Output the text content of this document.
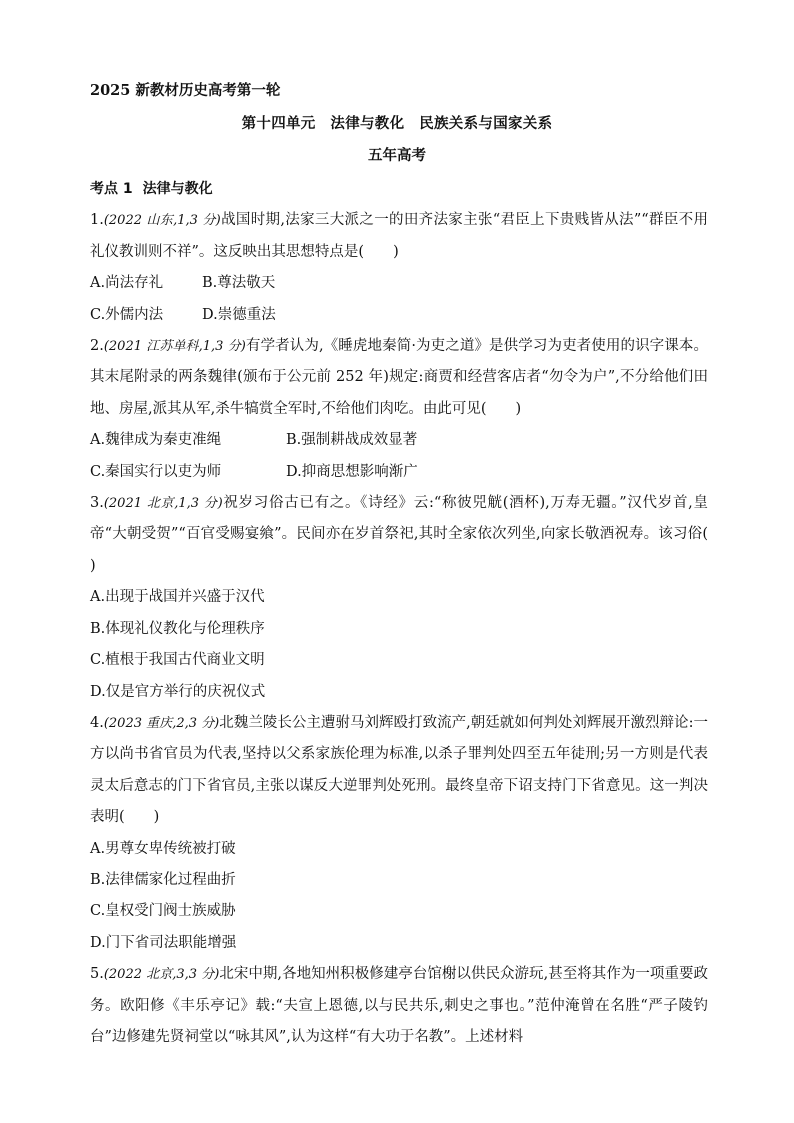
2025 新教材历史高考第一轮
第十四单元　法律与教化　民族关系与国家关系
五年高考
考点 1 法律与教化
1.(2022 山东,1,3 分)战国时期,法家三大派之一的田齐法家主张“君臣上下贵贱皆从法”“群臣不用礼仪教训则不祥”。这反映出其思想特点是(　　)
A.尚法存礼	B.尊法敬天
C.外儒内法	D.崇德重法
2.(2021 江苏单科,1,3 分)有学者认为,《睡虎地秦简·为吏之道》是供学习为吏者使用的识字课本。其末尾附录的两条魏律(颁布于公元前 252 年)规定:商贾和经营客店者“勿令为户”,不分给他们田地、房屋,派其从军,杀牛犒赏全军时,不给他们肉吃。由此可见(　　)
A.魏律成为秦吏准绳	B.强制耕战成效显著
C.秦国实行以吏为师	D.抑商思想影响渐广
3.(2021 北京,1,3 分)祝岁习俗古已有之。《诗经》云:“称彼兕觥(酒杯),万寿无疆。”汉代岁首,皇帝“大朝受贺”“百官受赐宴飨”。民间亦在岁首祭祀,其时全家依次列坐,向家长敬酒祝寿。该习俗(　　)
A.出现于战国并兴盛于汉代
B.体现礼仪教化与伦理秩序
C.植根于我国古代商业文明
D.仅是官方举行的庆祝仪式
4.(2023 重庆,2,3 分)北魏兰陵长公主遭驸马刘辉殴打致流产,朝廷就如何判处刘辉展开激烈辩论:一方以尚书省官员为代表,坚持以父系家族伦理为标准,以杀子罪判处四至五年徒刑;另一方则是代表灵太后意志的门下省官员,主张以谋反大逆罪判处死刑。最终皇帝下诏支持门下省意见。这一判决表明(　　)
A.男尊女卑传统被打破
B.法律儒家化过程曲折
C.皇权受门阀士族威胁
D.门下省司法职能增强
5.(2022 北京,3,3 分)北宋中期,各地知州积极修建亭台馆榭以供民众游玩,甚至将其作为一项重要政务。欧阳修《丰乐亭记》载:“夫宣上恩德,以与民共乐,刺史之事也。”范仲淹曾在名胜“严子陵钓台”边修建先贤祠堂以“咏其风”,认为这样“有大功于名教”。上述材料
